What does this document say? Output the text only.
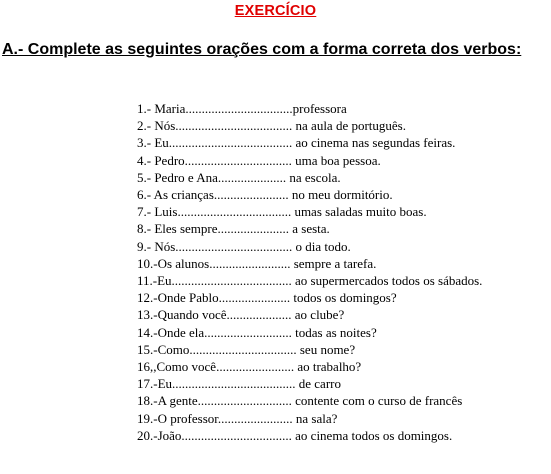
EXERCÍCIO
A.- Complete as seguintes orações com a forma correta dos verbos:
1.- Maria.................................professora
2.- Nós.................................... na aula de português.
3.- Eu...................................... ao cinema nas segundas feiras.
4.- Pedro................................. uma boa pessoa.
5.- Pedro e Ana..................... na escola.
6.- As crianças....................... no meu dormitório.
7.- Luis................................... umas saladas muito boas.
8.- Eles sempre...................... a sesta.
9.- Nós.................................... o dia todo.
10.-Os alunos......................... sempre a tarefa.
11.-Eu..................................... ao supermercados todos os sábados.
12.-Onde Pablo...................... todos os domingos?
13.-Quando você.................... ao clube?
14.-Onde ela........................... todas as noites?
15.-Como................................. seu nome?
16,,Como você........................ ao trabalho?
17.-Eu...................................... de carro
18.-A gente............................. contente com o curso de francês
19.-O professor....................... na sala?
20.-João.................................. ao cinema todos os domingos.
